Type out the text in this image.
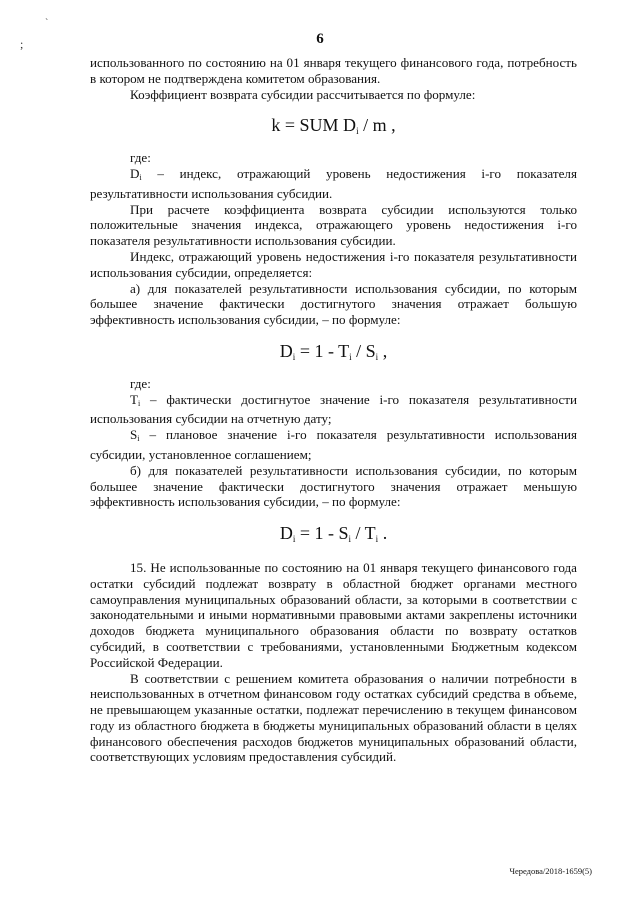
;
`
6

использованного по состоянию на 01 января текущего финансового года, потребность в котором не подтверждена комитетом образования.

Коэффициент возврата субсидии рассчитывается по формуле:

k = SUM $D_i$ / m ,

где:

$D_i$ – индекс, отражающий уровень недостижения i-го показателя результативности использования субсидии.

При расчете коэффициента возврата субсидии используются только положительные значения индекса, отражающего уровень недостижения i-го показателя результативности использования субсидии.

Индекс, отражающий уровень недостижения i-го показателя результативности использования субсидии, определяется:

а) для показателей результативности использования субсидии, по которым большее значение фактически достигнутого значения отражает большую эффективность использования субсидии, – по формуле:

$D_i = 1 - T_i / S_i$ ,

где:

$T_i$ – фактически достигнутое значение i-го показателя результативности использования субсидии на отчетную дату;

$S_i$ – плановое значение i-го показателя результативности использования субсидии, установленное соглашением;

б) для показателей результативности использования субсидии, по которым большее значение фактически достигнутого значения отражает меньшую эффективность использования субсидии, – по формуле:

$D_i = 1 - S_i / T_i$ .

15. Не использованные по состоянию на 01 января текущего финансового года остатки субсидий подлежат возврату в областной бюджет органами местного самоуправления муниципальных образований области, за которыми в соответствии с законодательными и иными нормативными правовыми актами закреплены источники доходов бюджета муниципального образования области по возврату остатков субсидий, в соответствии с требованиями, установленными Бюджетным кодексом Российской Федерации.

В соответствии с решением комитета образования о наличии потребности в неиспользованных в отчетном финансовом году остатках субсидий средства в объеме, не превышающем указанные остатки, подлежат перечислению в текущем финансовом году из областного бюджета в бюджеты муниципальных образований области в целях финансового обеспечения расходов бюджетов муниципальных образований области, соответствующих условиям предоставления субсидий.

Чередова/2018-1659(5)
